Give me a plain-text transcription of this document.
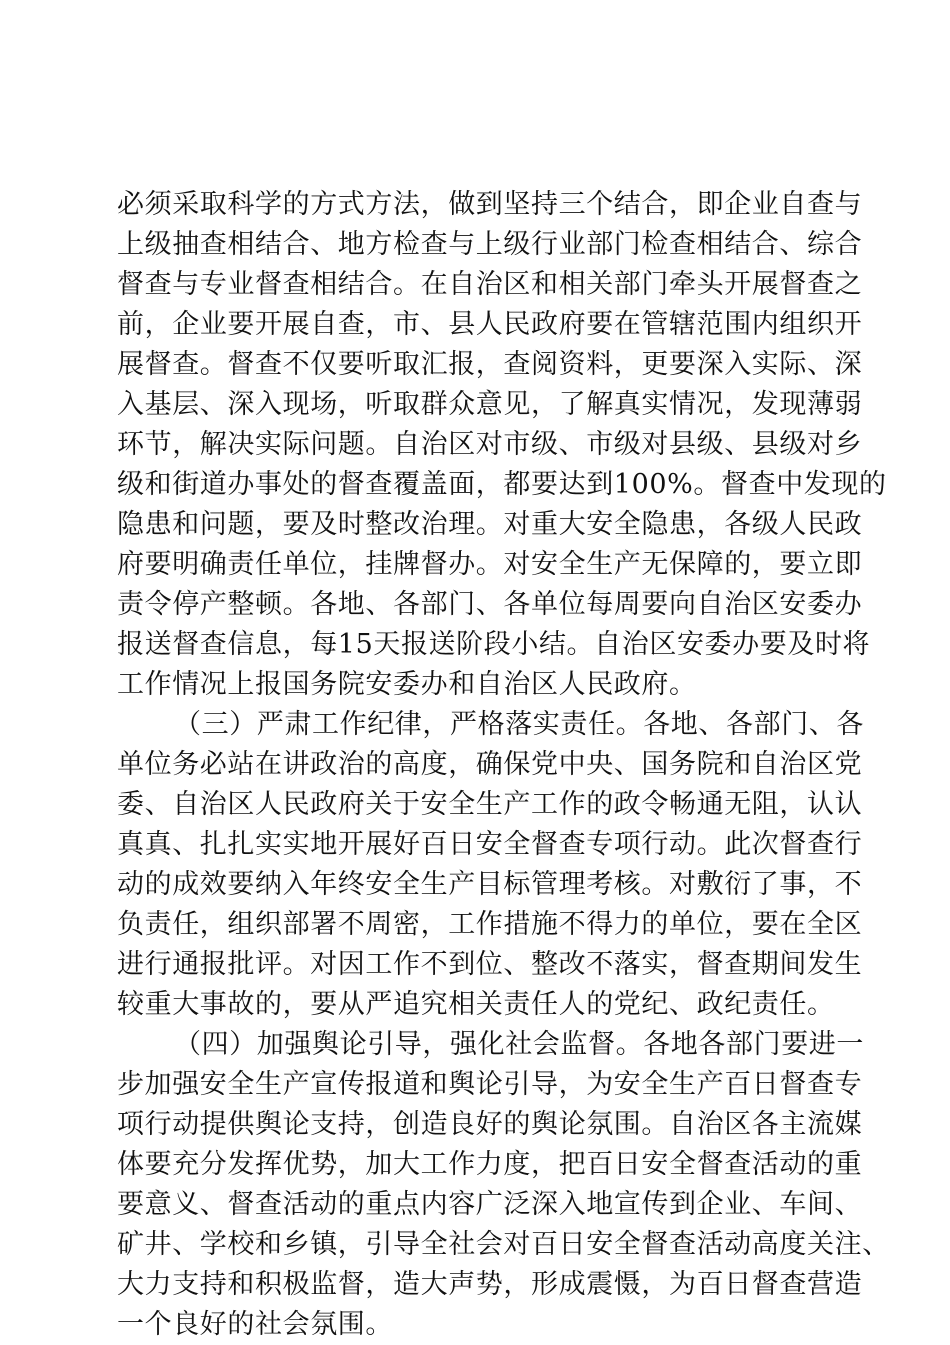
必须采取科学的方式方法，做到坚持三个结合，即企业自查与
上级抽查相结合、地方检查与上级行业部门检查相结合、综合
督查与专业督查相结合。在自治区和相关部门牵头开展督查之
前，企业要开展自查，市、县人民政府要在管辖范围内组织开
展督查。督查不仅要听取汇报，查阅资料，更要深入实际、深
入基层、深入现场，听取群众意见，了解真实情况，发现薄弱
环节，解决实际问题。自治区对市级、市级对县级、县级对乡
级和街道办事处的督查覆盖面，都要达到100%。督查中发现的
隐患和问题，要及时整改治理。对重大安全隐患，各级人民政
府要明确责任单位，挂牌督办。对安全生产无保障的，要立即
责令停产整顿。各地、各部门、各单位每周要向自治区安委办
报送督查信息，每15天报送阶段小结。自治区安委办要及时将
工作情况上报国务院安委办和自治区人民政府。
（三）严肃工作纪律，严格落实责任。各地、各部门、各
单位务必站在讲政治的高度，确保党中央、国务院和自治区党
委、自治区人民政府关于安全生产工作的政令畅通无阻，认认
真真、扎扎实实地开展好百日安全督查专项行动。此次督查行
动的成效要纳入年终安全生产目标管理考核。对敷衍了事，不
负责任，组织部署不周密，工作措施不得力的单位，要在全区
进行通报批评。对因工作不到位、整改不落实，督查期间发生
较重大事故的，要从严追究相关责任人的党纪、政纪责任。
（四）加强舆论引导，强化社会监督。各地各部门要进一
步加强安全生产宣传报道和舆论引导，为安全生产百日督查专
项行动提供舆论支持，创造良好的舆论氛围。自治区各主流媒
体要充分发挥优势，加大工作力度，把百日安全督查活动的重
要意义、督查活动的重点内容广泛深入地宣传到企业、车间、
矿井、学校和乡镇，引导全社会对百日安全督查活动高度关注、
大力支持和积极监督，造大声势，形成震慑，为百日督查营造
一个良好的社会氛围。
